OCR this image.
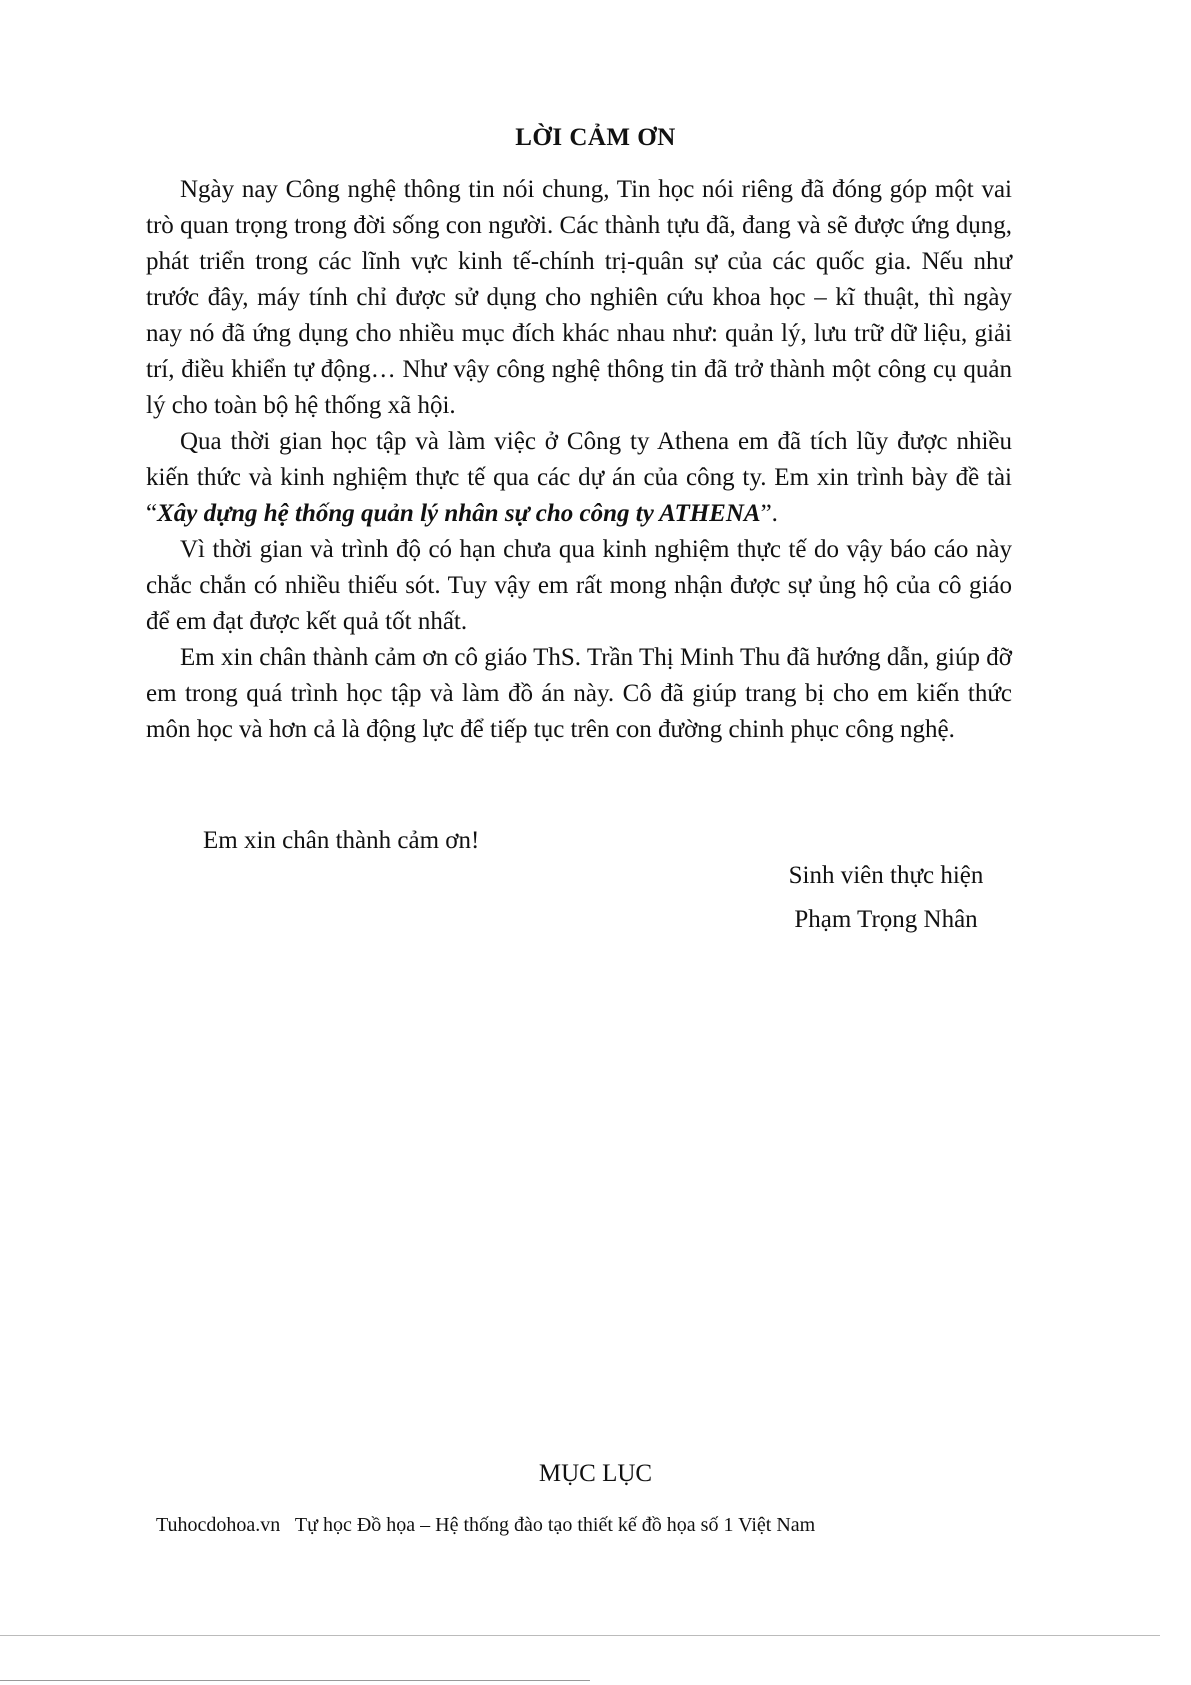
LỜI CẢM ƠN

Ngày nay Công nghệ thông tin nói chung, Tin học nói riêng đã đóng góp một vai trò quan trọng trong đời sống con người. Các thành tựu đã, đang và sẽ được ứng dụng, phát triển trong các lĩnh vực kinh tế-chính trị-quân sự của các quốc gia. Nếu như trước đây, máy tính chỉ được sử dụng cho nghiên cứu khoa học – kĩ thuật, thì ngày nay nó đã ứng dụng cho nhiều mục đích khác nhau như: quản lý, lưu trữ dữ liệu, giải trí, điều khiển tự động… Như vậy công nghệ thông tin đã trở thành một công cụ quản lý cho toàn bộ hệ thống xã hội.

Qua thời gian học tập và làm việc ở Công ty Athena em đã tích lũy được nhiều kiến thức và kinh nghiệm thực tế qua các dự án của công ty. Em xin trình bày đề tài “Xây dựng hệ thống quản lý nhân sự cho công ty ATHENA”.

Vì thời gian và trình độ có hạn chưa qua kinh nghiệm thực tế do vậy báo cáo này chắc chắn có nhiều thiếu sót. Tuy vậy em rất mong nhận được sự ủng hộ của cô giáo để em đạt được kết quả tốt nhất.

Em xin chân thành cảm ơn cô giáo ThS. Trần Thị Minh Thu đã hướng dẫn, giúp đỡ em trong quá trình học tập và làm đồ án này. Cô đã giúp trang bị cho em kiến thức môn học và hơn cả là động lực để tiếp tục trên con đường chinh phục công nghệ.

Em xin chân thành cảm ơn!
Sinh viên thực hiện
Phạm Trọng Nhân
MỤC LỤC
Tuhocdohoa.vn Tự học Đồ họa – Hệ thống đào tạo thiết kế đồ họa số 1 Việt Nam
